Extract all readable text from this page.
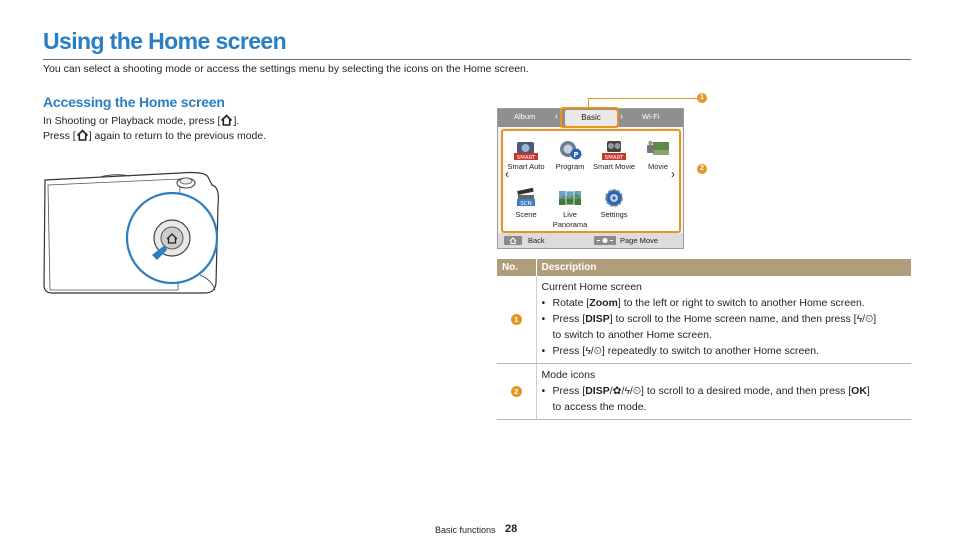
Using the Home screen

You can select a shooting mode or access the settings menu by selecting the icons on the Home screen.

Accessing the Home screen
In Shooting or Playback mode, press [ ].
Press [ ] again to return to the previous mode.
Album ‹	Basic	›	Wi-Fi
‹	›
SMART
Smart Auto
P
Program
SMART
Smart Movie	Movie
SCN
Scene	Live
Panorama
Settings
Back	Page Move
1
2
No.	Description
1	Current Home screen
• Rotate [Zoom] to the left or right to switch to another Home screen.
• Press [DISP] to scroll to the Home screen name, and then press [ϟ/⏲]
to switch to another Home screen.
• Press [ϟ/⏲] repeatedly to switch to another Home screen.

2	Mode icons
• Press [DISP/✿/ϟ/⏲] to scroll to a desired mode, and then press [OK]
to access the mode.
Basic functions 28
